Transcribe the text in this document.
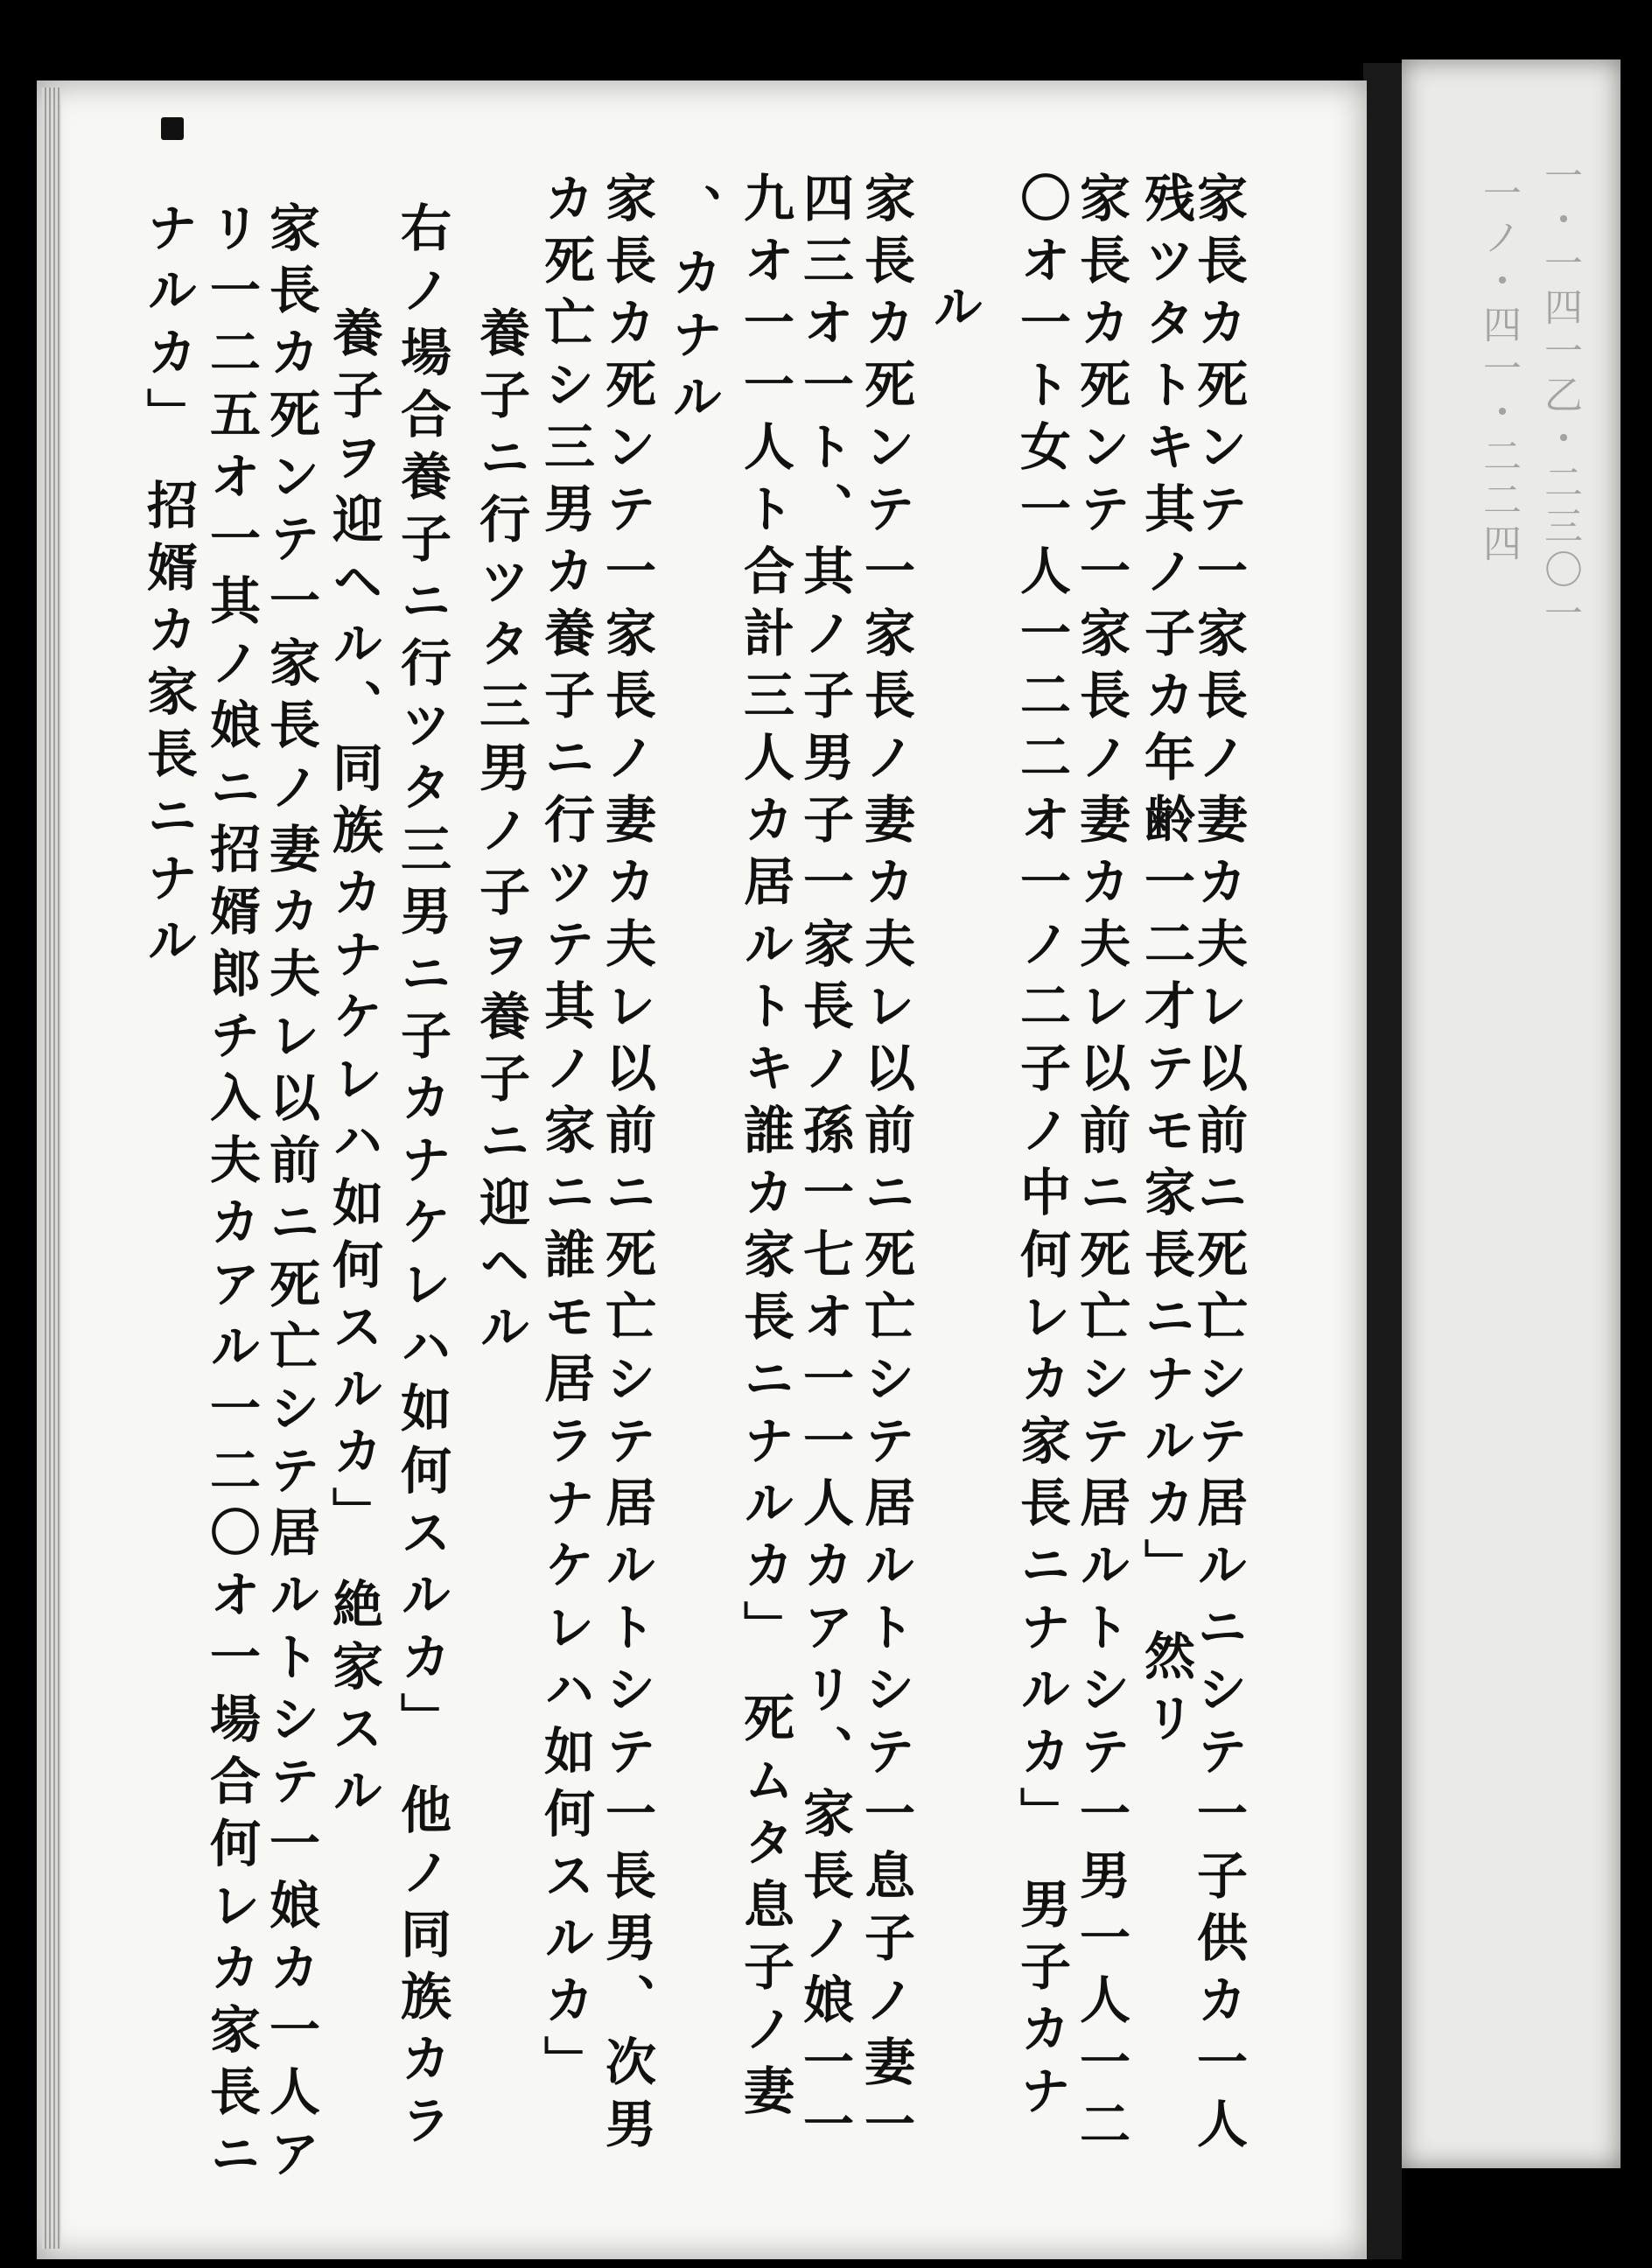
一・一四一乙・二三〇一
一ノ・四一・二二四
家長カ死ンテ一家長ノ妻カ夫レ以前ニ死亡シテ居ルニシテ一子供カ一人
残ツタトキ其ノ子カ年齢一二才テモ家長ニナルカ」 然リ
家長カ死ンテ一家長ノ妻カ夫レ以前ニ死亡シテ居ルトシテ一男一人一二
〇オ一ト女一人一二二オ一ノ二子ノ中何レカ家長ニナルカ」 男子カナ
ル
家長カ死ンテ一家長ノ妻カ夫レ以前ニ死亡シテ居ルトシテ一息子ノ妻一
四三オ一ト、其ノ子男子一家長ノ孫一七オ一一人カアリ、家長ノ娘一一
九オ一一人ト合計三人カ居ルトキ誰カ家長ニナルカ」 死ムタ息子ノ妻
、カナル
家長カ死ンテ一家長ノ妻カ夫レ以前ニ死亡シテ居ルトシテ一長男、次男
カ死亡シ三男カ養子ニ行ツテ其ノ家ニ誰モ居ラナケレハ如何スルカ」
養子ニ行ツタ三男ノ子ヲ養子ニ迎ヘル
右ノ場合養子ニ行ツタ三男ニ子カナケレハ如何スルカ」 他ノ同族カラ
養子ヲ迎ヘル、同族カナケレハ如何スルカ」 絶家スル
家長カ死ンテ一家長ノ妻カ夫レ以前ニ死亡シテ居ルトシテ一娘カ一人ア
リ一二五オ一其ノ娘ニ招婿郎チ入夫カアル一二〇オ一場合何レカ家長ニ
ナルカ」 招婿カ家長ニナル
